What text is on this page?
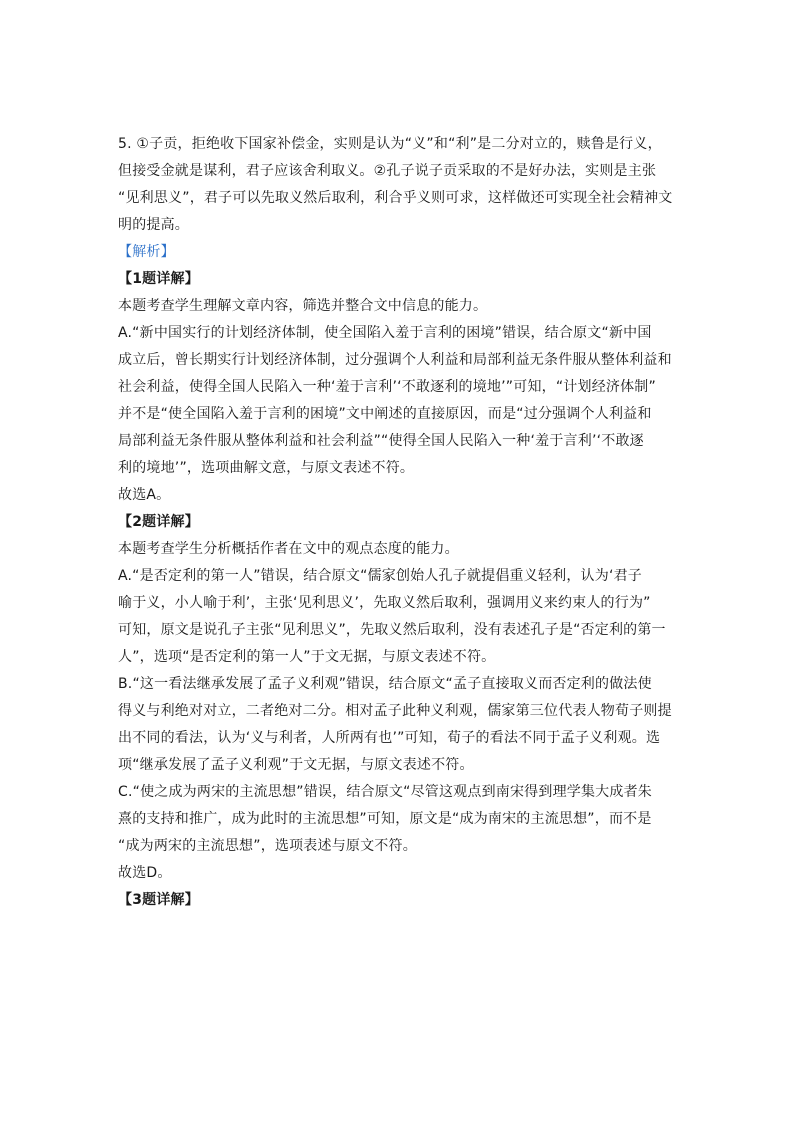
5. ①子贡，拒绝收下国家补偿金，实则是认为“义”和“利”是二分对立的，赎鲁是行义，
但接受金就是谋利，君子应该舍利取义。②孔子说子贡采取的不是好办法，实则是主张
“见利思义”，君子可以先取义然后取利，利合乎义则可求，这样做还可实现全社会精神文
明的提高。
【解析】
【1题详解】
本题考查学生理解文章内容，筛选并整合文中信息的能力。
A.“新中国实行的计划经济体制，使全国陷入羞于言利的困境”错误，结合原文“新中国
成立后，曾长期实行计划经济体制，过分强调个人利益和局部利益无条件服从整体利益和
社会利益，使得全国人民陷入一种‘羞于言利’‘不敢逐利的境地’”可知，“计划经济体制”
并不是“使全国陷入羞于言利的困境”文中阐述的直接原因，而是“过分强调个人利益和
局部利益无条件服从整体利益和社会利益”“使得全国人民陷入一种‘羞于言利’‘不敢逐
利的境地’”，选项曲解文意，与原文表述不符。
故选A。
【2题详解】
本题考查学生分析概括作者在文中的观点态度的能力。
A.“是否定利的第一人”错误，结合原文“儒家创始人孔子就提倡重义轻利，认为‘君子
喻于义，小人喻于利’，主张‘见利思义’，先取义然后取利，强调用义来约束人的行为”
可知，原文是说孔子主张“见利思义”，先取义然后取利，没有表述孔子是“否定利的第一
人”，选项“是否定利的第一人”于文无据，与原文表述不符。
B.“这一看法继承发展了孟子义利观”错误，结合原文“孟子直接取义而否定利的做法使
得义与利绝对对立，二者绝对二分。相对孟子此种义利观，儒家第三位代表人物荀子则提
出不同的看法，认为‘义与利者，人所两有也’”可知，荀子的看法不同于孟子义利观。选
项“继承发展了孟子义利观”于文无据，与原文表述不符。
C.“使之成为两宋的主流思想”错误，结合原文“尽管这观点到南宋得到理学集大成者朱
熹的支持和推广，成为此时的主流思想”可知，原文是“成为南宋的主流思想”，而不是
“成为两宋的主流思想”，选项表述与原文不符。
故选D。
【3题详解】
